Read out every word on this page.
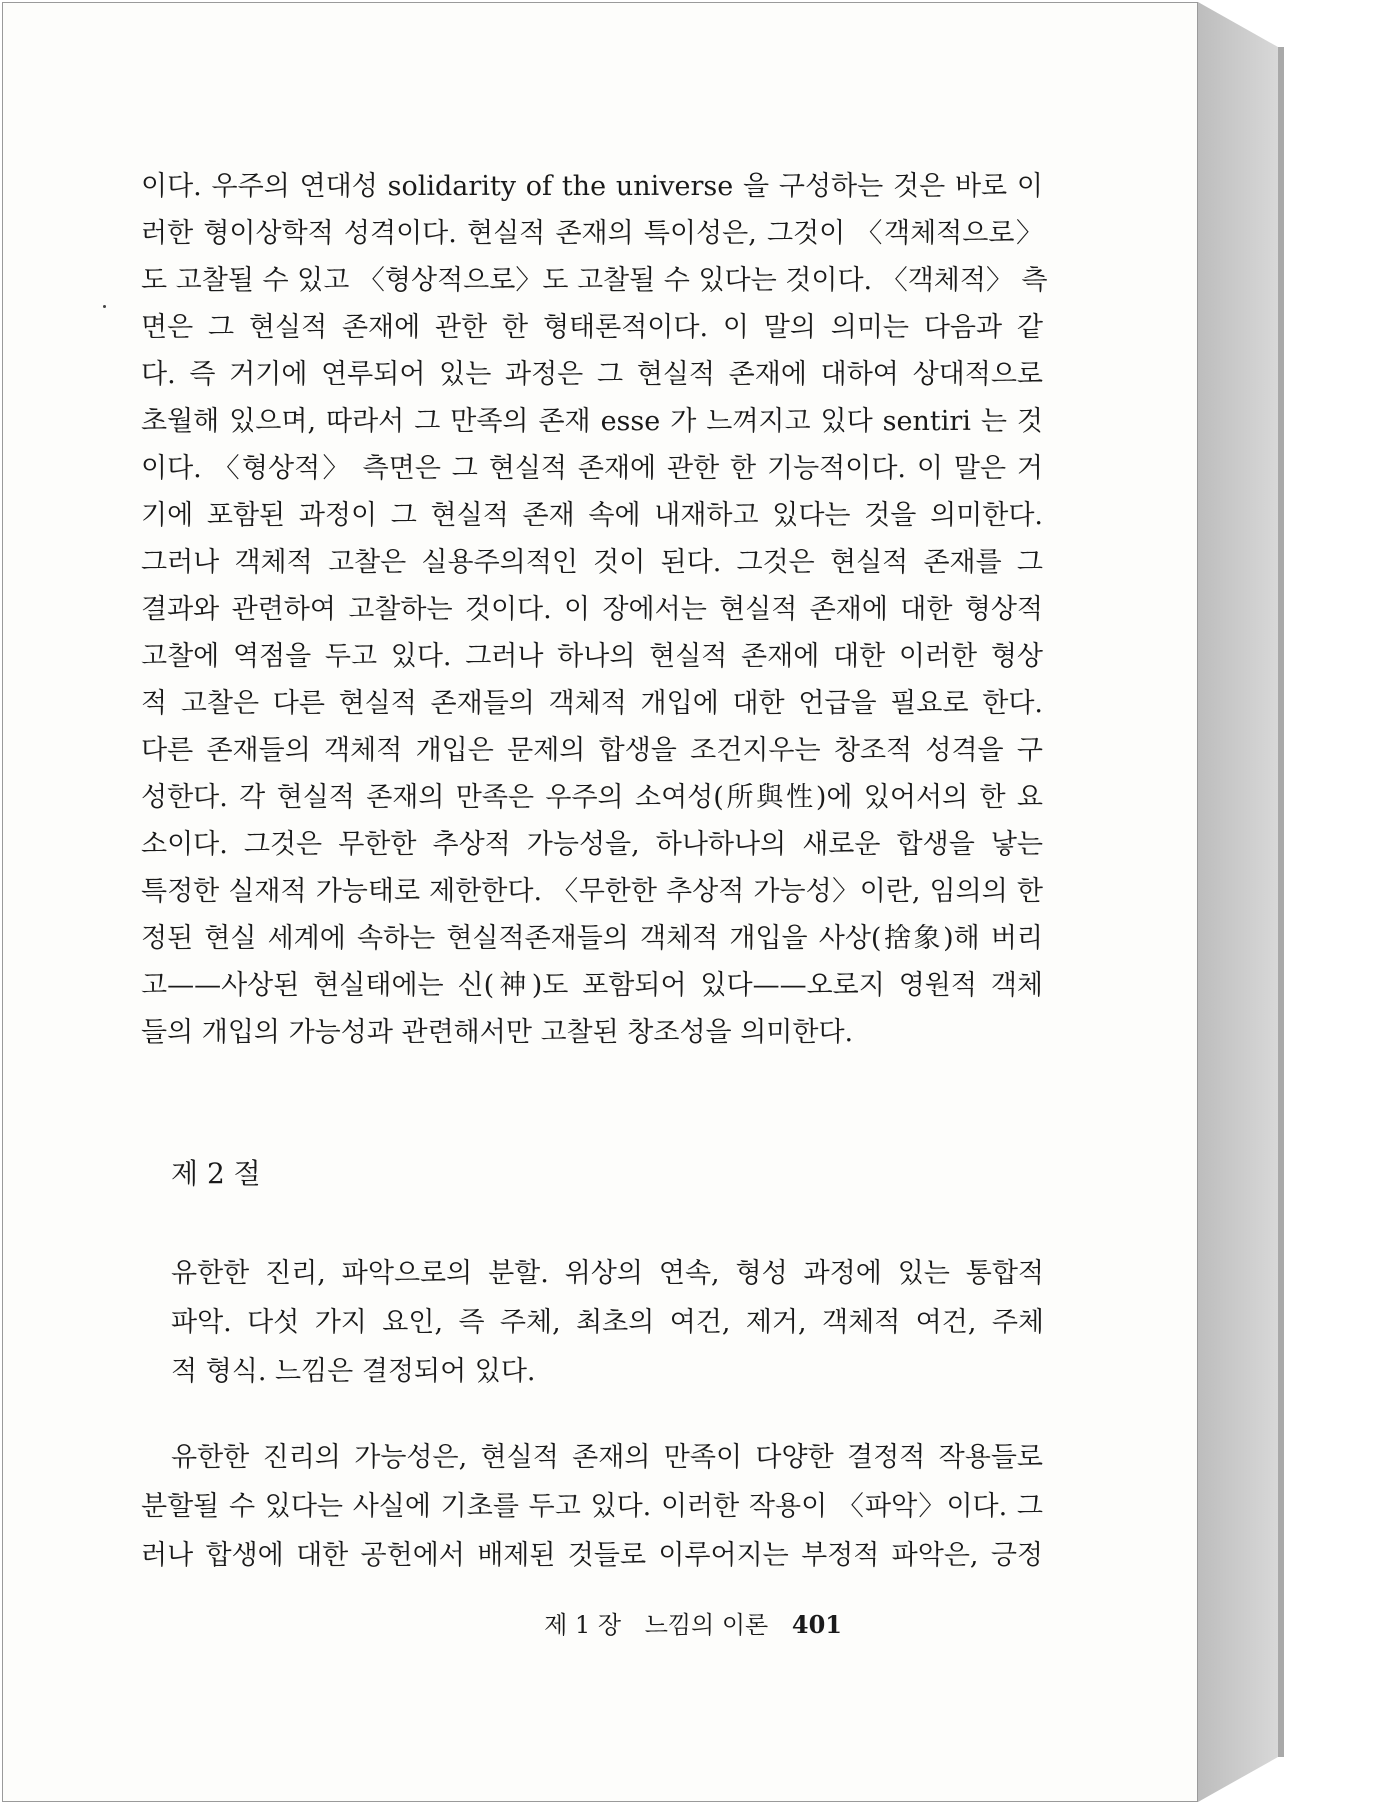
이다. 우주의 연대성 solidarity of the universe 을 구성하는 것은 바로 이
러한 형이상학적 성격이다. 현실적 존재의 특이성은, 그것이 〈객체적으로〉
도 고찰될 수 있고 〈형상적으로〉도 고찰될 수 있다는 것이다. 〈객체적〉 측
면은 그 현실적 존재에 관한 한 형태론적이다. 이 말의 의미는 다음과 같
다. 즉 거기에 연루되어 있는 과정은 그 현실적 존재에 대하여 상대적으로
초월해 있으며, 따라서 그 만족의 존재 esse 가 느껴지고 있다 sentiri 는 것
이다. 〈형상적〉 측면은 그 현실적 존재에 관한 한 기능적이다. 이 말은 거
기에 포함된 과정이 그 현실적 존재 속에 내재하고 있다는 것을 의미한다.
그러나 객체적 고찰은 실용주의적인 것이 된다. 그것은 현실적 존재를 그
결과와 관련하여 고찰하는 것이다. 이 장에서는 현실적 존재에 대한 형상적
고찰에 역점을 두고 있다. 그러나 하나의 현실적 존재에 대한 이러한 형상
적 고찰은 다른 현실적 존재들의 객체적 개입에 대한 언급을 필요로 한다.
다른 존재들의 객체적 개입은 문제의 합생을 조건지우는 창조적 성격을 구
성한다. 각 현실적 존재의 만족은 우주의 소여성(所與性)에 있어서의 한 요
소이다. 그것은 무한한 추상적 가능성을, 하나하나의 새로운 합생을 낳는
특정한 실재적 가능태로 제한한다. 〈무한한 추상적 가능성〉이란, 임의의 한
정된 현실 세계에 속하는 현실적존재들의 객체적 개입을 사상(捨象)해 버리
고——사상된 현실태에는 신(神)도 포함되어 있다——오로지 영원적 객체
들의 개입의 가능성과 관련해서만 고찰된 창조성을 의미한다.
제 2 절
유한한 진리, 파악으로의 분할. 위상의 연속, 형성 과정에 있는 통합적
파악. 다섯 가지 요인, 즉 주체, 최초의 여건, 제거, 객체적 여건, 주체
적 형식. 느낌은 결정되어 있다.
유한한 진리의 가능성은, 현실적 존재의 만족이 다양한 결정적 작용들로
분할될 수 있다는 사실에 기초를 두고 있다. 이러한 작용이 〈파악〉이다. 그
러나 합생에 대한 공헌에서 배제된 것들로 이루어지는 부정적 파악은, 긍정
제 1 장 느낌의 이론 401
